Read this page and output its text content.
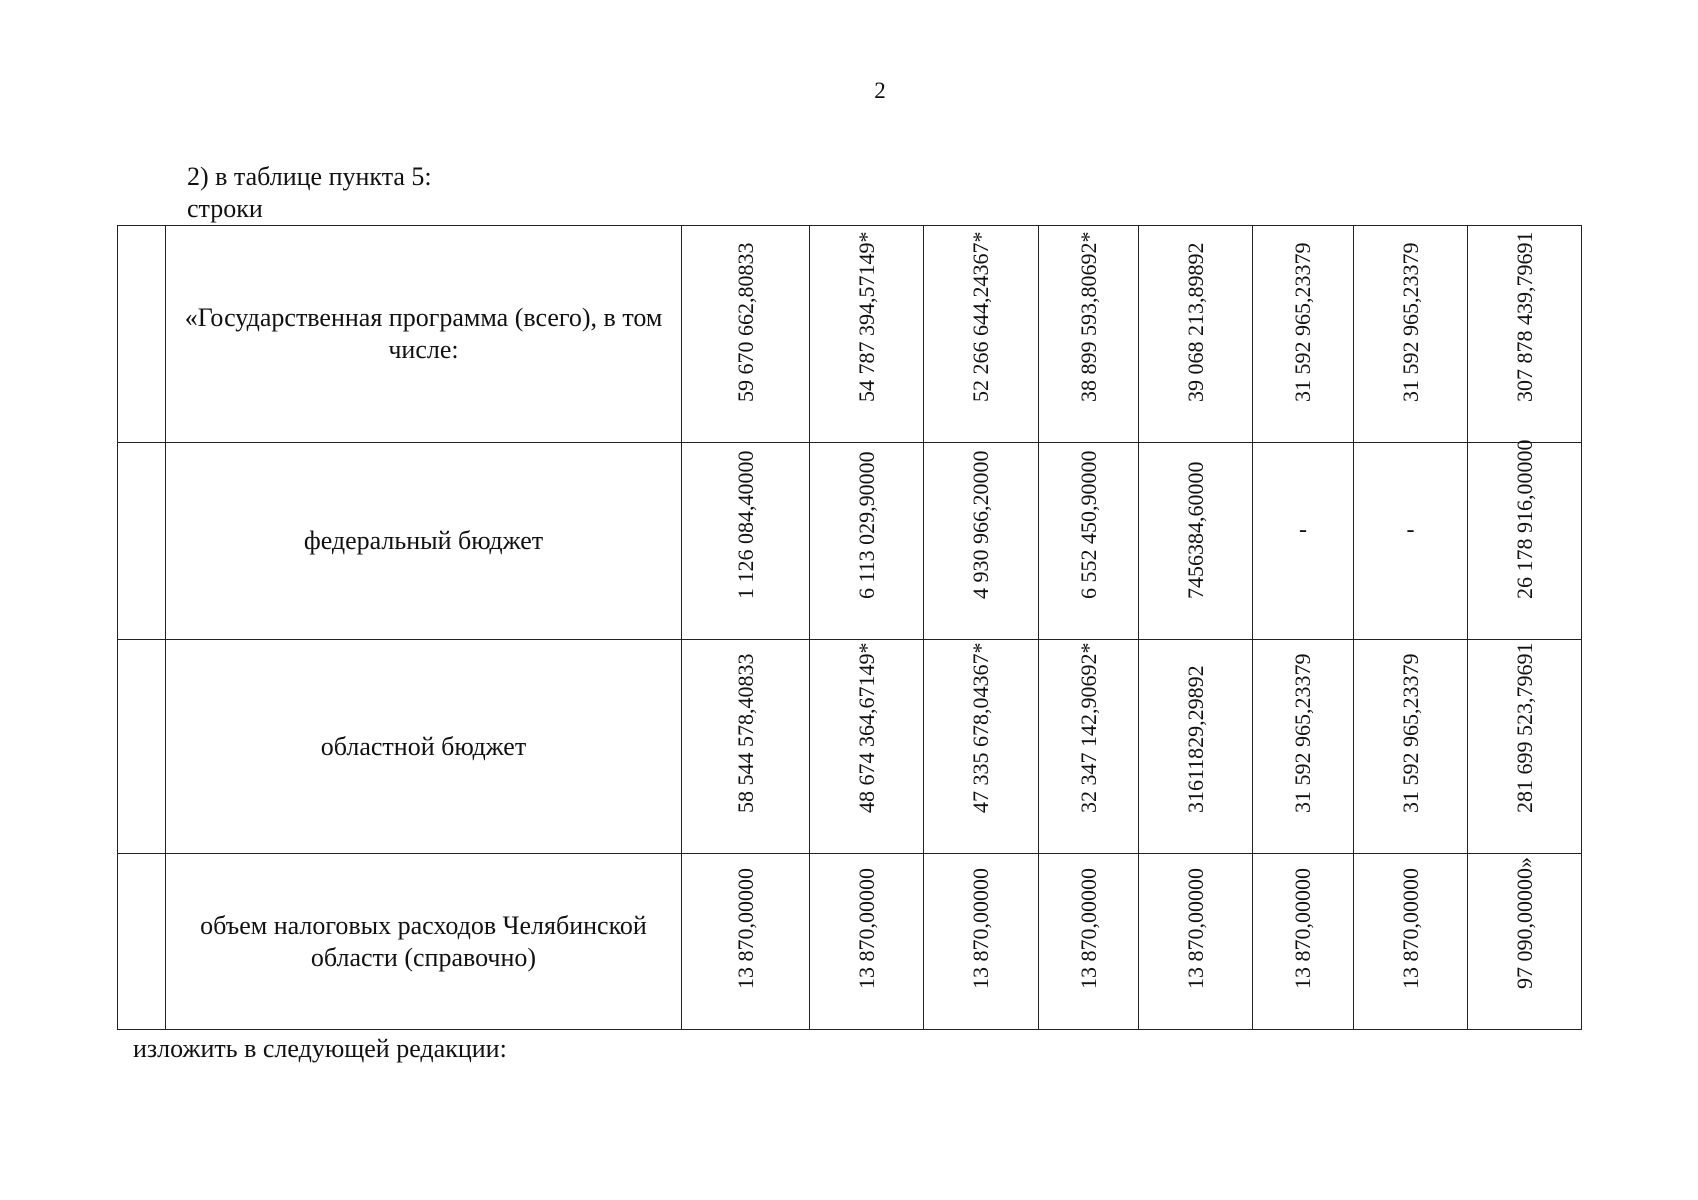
2
2) в таблице пункта 5:
строки
	«Государственная программа (всего), в том числе:	59 670 662,80833	54 787 394,57149*	52 266 644,24367*	38 899 593,80692*	39 068 213,89892	31 592 965,23379	31 592 965,23379	307 878 439,79691

	федеральный бюджет	1 126 084,40000	6 113 029,90000	4 930 966,20000	6 552 450,90000	7456384,60000	-	-	26 178 916,00000

	областной бюджет	58 544 578,40833	48 674 364,67149*	47 335 678,04367*	32 347 142,90692*	31611829,29892	31 592 965,23379	31 592 965,23379	281 699 523,79691

	объем налоговых расходов Челябинской области (справочно)	13 870,00000	13 870,00000	13 870,00000	13 870,00000	13 870,00000	13 870,00000	13 870,00000	97 090,00000»
изложить в следующей редакции:
